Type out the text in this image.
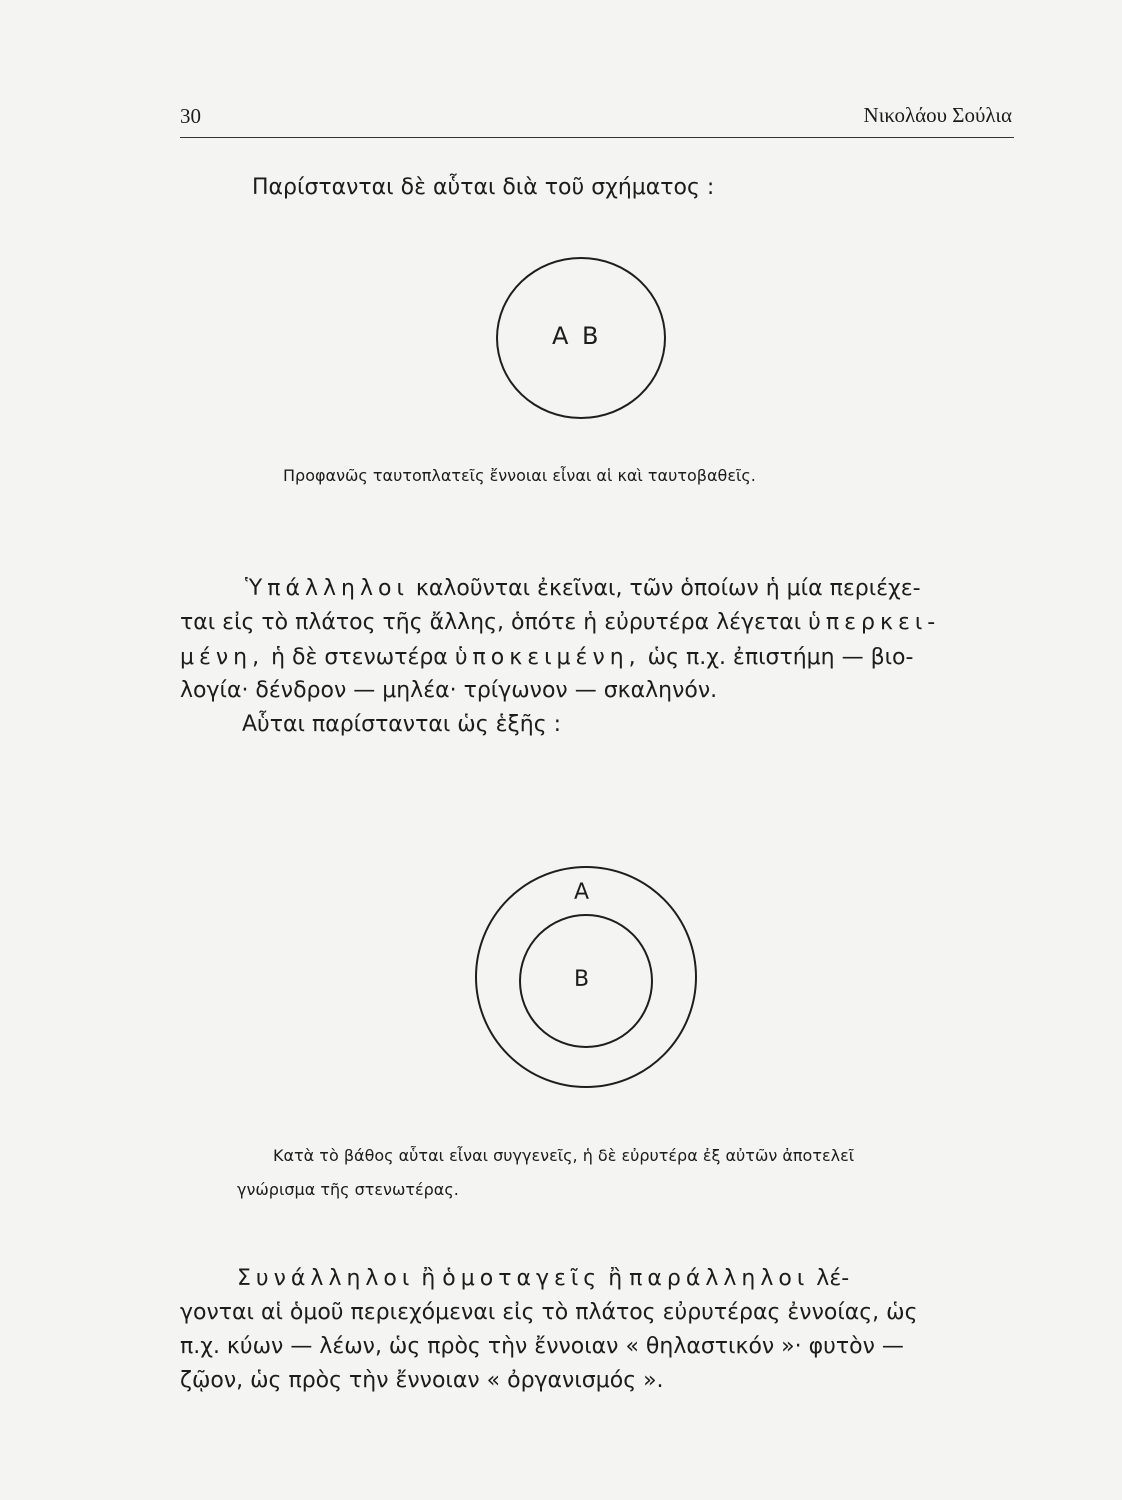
30	Νικολάου Σούλια
Παρίστανται δὲ αὗται διὰ τοῦ σχήματος :
Α Β
Προφανῶς ταυτοπλατεῖς ἔννοιαι εἶναι αἱ καὶ ταυτοβαθεῖς.
Ὑπάλληλοι καλοῦνται ἐκεῖναι, τῶν ὁποίων ἡ μία περιέχε-
ται εἰς τὸ πλάτος τῆς ἄλλης, ὁπότε ἡ εὐρυτέρα λέγεται ὑπερκει-
μένη, ἡ δὲ στενωτέρα ὑποκειμένη, ὡς π.χ. ἐπιστήμη — βιο-
λογία· δένδρον — μηλέα· τρίγωνον — σκαληνόν.
Αὗται παρίστανται ὡς ἑξῆς :
Α
Β
Κατὰ τὸ βάθος αὗται εἶναι συγγενεῖς, ἡ δὲ εὐρυτέρα ἐξ αὐτῶν ἀποτελεῖ
γνώρισμα τῆς στενωτέρας.
Συνάλληλοι ἢ ὁμοταγεῖς ἢ παράλληλοι λέ-
γονται αἱ ὁμοῦ περιεχόμεναι εἰς τὸ πλάτος εὐρυτέρας ἐννοίας, ὡς
π.χ. κύων — λέων, ὡς πρὸς τὴν ἔννοιαν « θηλαστικόν »· φυτὸν —
ζῷον, ὡς πρὸς τὴν ἔννοιαν « ὀργανισμός ».
